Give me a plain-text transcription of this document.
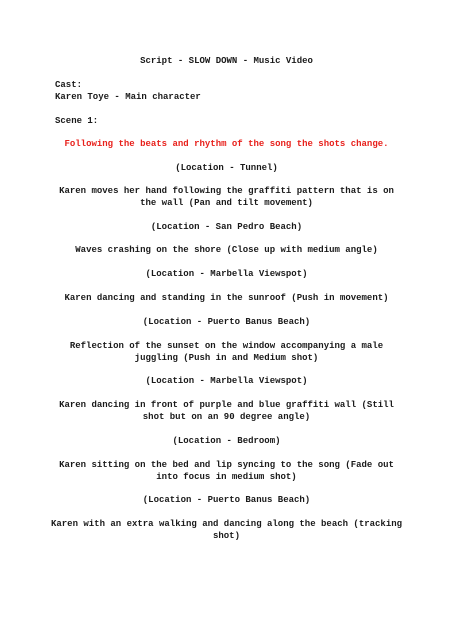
Script - SLOW DOWN - Music Video
Cast:
Karen Toye - Main character
Scene 1:
Following the beats and rhythm of the song the shots change.
(Location - Tunnel)
Karen moves her hand following the graffiti pattern that is on the wall (Pan and tilt movement)
(Location - San Pedro Beach)
Waves crashing on the shore (Close up with medium angle)
(Location - Marbella Viewspot)
Karen dancing and standing in the sunroof (Push in movement)
(Location - Puerto Banus Beach)
Reflection of the sunset on the window accompanying a male juggling (Push in and Medium shot)
(Location - Marbella Viewspot)
Karen dancing in front of purple and blue graffiti wall (Still shot but on an 90 degree angle)
(Location - Bedroom)
Karen sitting on the bed and lip syncing to the song (Fade out into focus in medium shot)
(Location - Puerto Banus Beach)
Karen with an extra walking and dancing along the beach (tracking shot)
